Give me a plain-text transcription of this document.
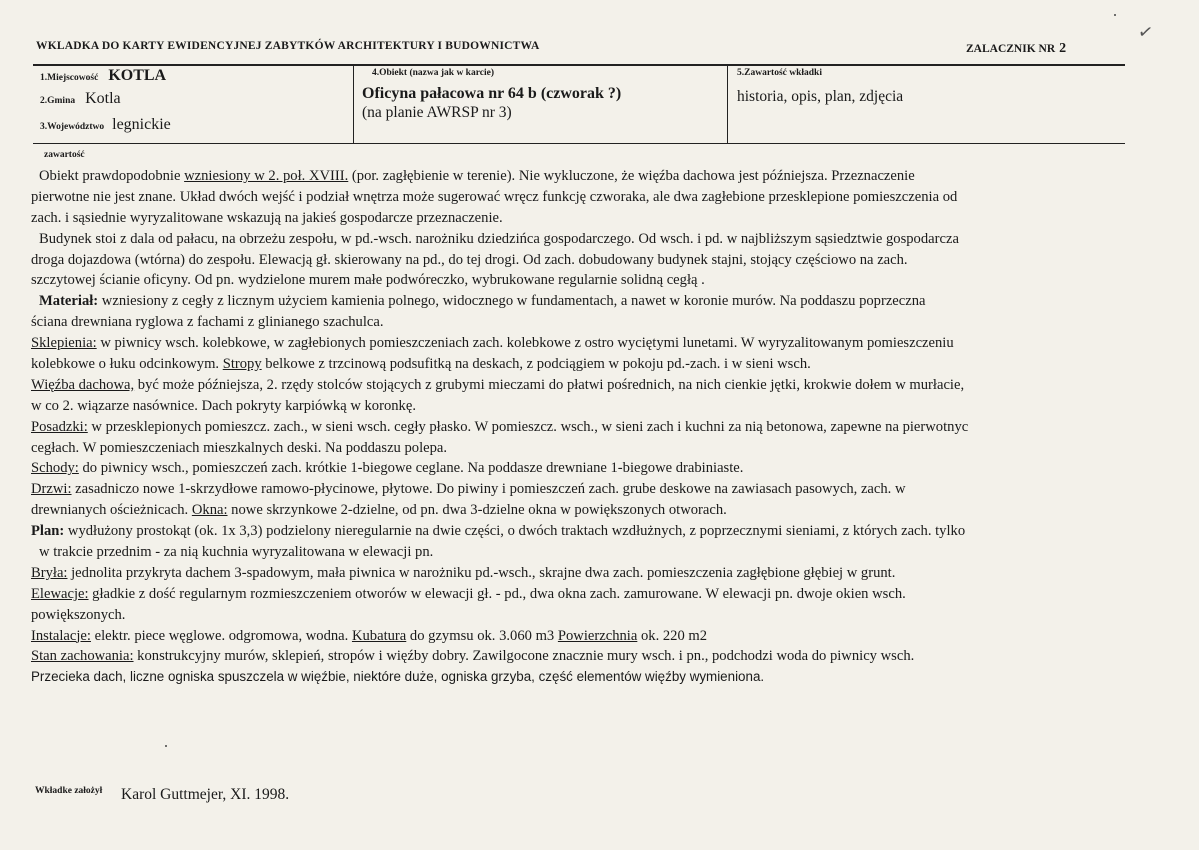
WKLADKA DO KARTY EWIDENCYJNEJ ZABYTKÓW ARCHITEKTURY I BUDOWNICTWA	ZALACZNIK NR 2
✓
1.Miejscowość KOTLA
2.Gmina Kotla
3.Województwo legnickie
4.Obiekt (nazwa jak w karcie)
Oficyna pałacowa nr 64 b (czworak ?)
(na planie AWRSP nr 3)
5.Zawartość wkładki
historia, opis, plan, zdjęcia
zawartość
Obiekt prawdopodobnie wzniesiony w 2. poł. XVIII. (por. zagłębienie w terenie). Nie wykluczone, że więźba dachowa jest późniejsza. Przeznaczenie
pierwotne nie jest znane. Układ dwóch wejść i podział wnętrza może sugerować wręcz funkcję czworaka, ale dwa zagłebione przesklepione pomieszczenia od
zach. i sąsiednie wyryzalitowane wskazują na jakieś gospodarcze przeznaczenie.
Budynek stoi z dala od pałacu, na obrzeżu zespołu, w pd.-wsch. narożniku dziedzińca gospodarczego. Od wsch. i pd. w najbliższym sąsiedztwie gospodarcza
droga dojazdowa (wtórna) do zespołu. Elewacją gł. skierowany na pd., do tej drogi. Od zach. dobudowany budynek stajni, stojący częściowo na zach.
szczytowej ścianie oficyny. Od pn. wydzielone murem małe podwóreczko, wybrukowane regularnie solidną cegłą .
Materiał: wzniesiony z cegły z licznym użyciem kamienia polnego, widocznego w fundamentach, a nawet w koronie murów. Na poddaszu poprzeczna
ściana drewniana ryglowa z fachami z glinianego szachulca.
Sklepienia: w piwnicy wsch. kolebkowe, w zagłebionych pomieszczeniach zach. kolebkowe z ostro wyciętymi lunetami. W wyryzalitowanym pomieszczeniu
kolebkowe o łuku odcinkowym. Stropy belkowe z trzcinową podsufitką na deskach, z podciągiem w pokoju pd.-zach. i w sieni wsch.
Więźba dachowa, być może późniejsza, 2. rzędy stolców stojących z grubymi mieczami do płatwi pośrednich, na nich cienkie jętki, krokwie dołem w murłacie,
w co 2. wiązarze nasównice. Dach pokryty karpiówką w koronkę.
Posadzki: w przesklepionych pomieszcz. zach., w sieni wsch. cegły płasko. W pomieszcz. wsch., w sieni zach i kuchni za nią betonowa, zapewne na pierwotnyc
cegłach. W pomieszczeniach mieszkalnych deski. Na poddaszu polepa.
Schody: do piwnicy wsch., pomieszczeń zach. krótkie 1-biegowe ceglane. Na poddasze drewniane 1-biegowe drabiniaste.
Drzwi: zasadniczo nowe 1-skrzydłowe ramowo-płycinowe, płytowe. Do piwiny i pomieszczeń zach. grube deskowe na zawiasach pasowych, zach. w
drewnianych ościeżnicach. Okna: nowe skrzynkowe 2-dzielne, od pn. dwa 3-dzielne okna w powiększonych otworach.
Plan: wydłużony prostokąt (ok. 1x 3,3) podzielony nieregularnie na dwie części, o dwóch traktach wzdłużnych, z poprzecznymi sieniami, z których zach. tylko
w trakcie przednim - za nią kuchnia wyryzalitowana w elewacji pn.
Bryła: jednolita przykryta dachem 3-spadowym, mała piwnica w narożniku pd.-wsch., skrajne dwa zach. pomieszczenia zagłębione głębiej w grunt.
Elewacje: gładkie z dość regularnym rozmieszczeniem otworów w elewacji gł. - pd., dwa okna zach. zamurowane. W elewacji pn. dwoje okien wsch.
powiększonych.
Instalacje: elektr. piece węglowe. odgromowa, wodna. Kubatura do gzymsu ok. 3.060 m3 Powierzchnia ok. 220 m2
Stan zachowania: konstrukcyjny murów, sklepień, stropów i więźby dobry. Zawilgocone znacznie mury wsch. i pn., podchodzi woda do piwnicy wsch.
Przecieka dach, liczne ogniska spuszczela w więźbie, niektóre duże, ogniska grzyba, część elementów więźby wymieniona.
Wkładke założył Karol Guttmejer, XI. 1998.
